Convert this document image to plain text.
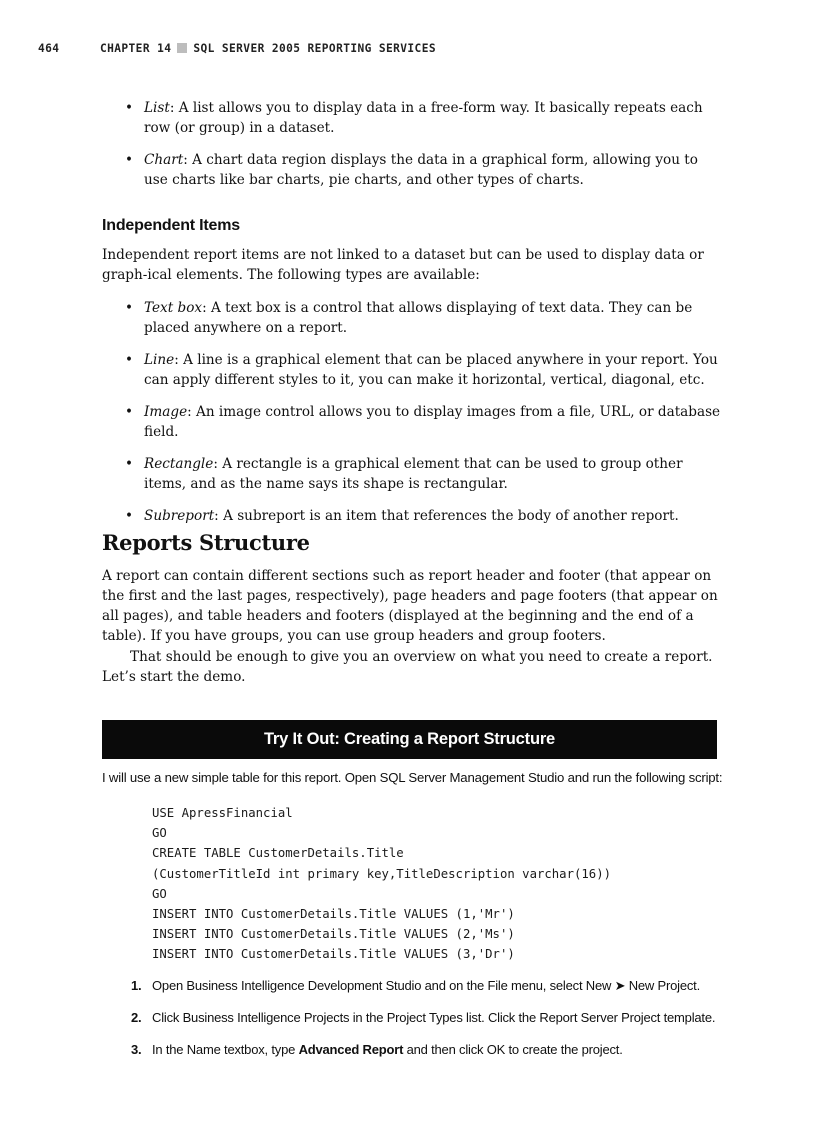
464	CHAPTER 14 SQL SERVER 2005 REPORTING SERVICES
• List: A list allows you to display data in a free-form way. It basically repeats each row (or group) in a dataset.
• Chart: A chart data region displays the data in a graphical form, allowing you to use charts like bar charts, pie charts, and other types of charts.
Independent Items

Independent report items are not linked to a dataset but can be used to display data or graph-ical elements. The following types are available:

• Text box: A text box is a control that allows displaying of text data. They can be placed anywhere on a report.
• Line: A line is a graphical element that can be placed anywhere in your report. You can apply different styles to it, you can make it horizontal, vertical, diagonal, etc.
• Image: An image control allows you to display images from a file, URL, or database field.
• Rectangle: A rectangle is a graphical element that can be used to group other items, and as the name says its shape is rectangular.
• Subreport: A subreport is an item that references the body of another report.
Reports Structure

A report can contain different sections such as report header and footer (that appear on the first and the last pages, respectively), page headers and page footers (that appear on all pages), and table headers and footers (displayed at the beginning and the end of a table). If you have groups, you can use group headers and group footers.

That should be enough to give you an overview on what you need to create a report. Let’s start the demo.

Try It Out: Creating a Report Structure
I will use a new simple table for this report. Open SQL Server Management Studio and run the following script:
USE ApressFinancial
GO
CREATE TABLE CustomerDetails.Title
(CustomerTitleId int primary key,TitleDescription varchar(16))
GO
INSERT INTO CustomerDetails.Title VALUES (1,'Mr')
INSERT INTO CustomerDetails.Title VALUES (2,'Ms')
INSERT INTO CustomerDetails.Title VALUES (3,'Dr')
1. Open Business Intelligence Development Studio and on the File menu, select New ➤ New Project.
2. Click Business Intelligence Projects in the Project Types list. Click the Report Server Project template.
3. In the Name textbox, type Advanced Report and then click OK to create the project.
